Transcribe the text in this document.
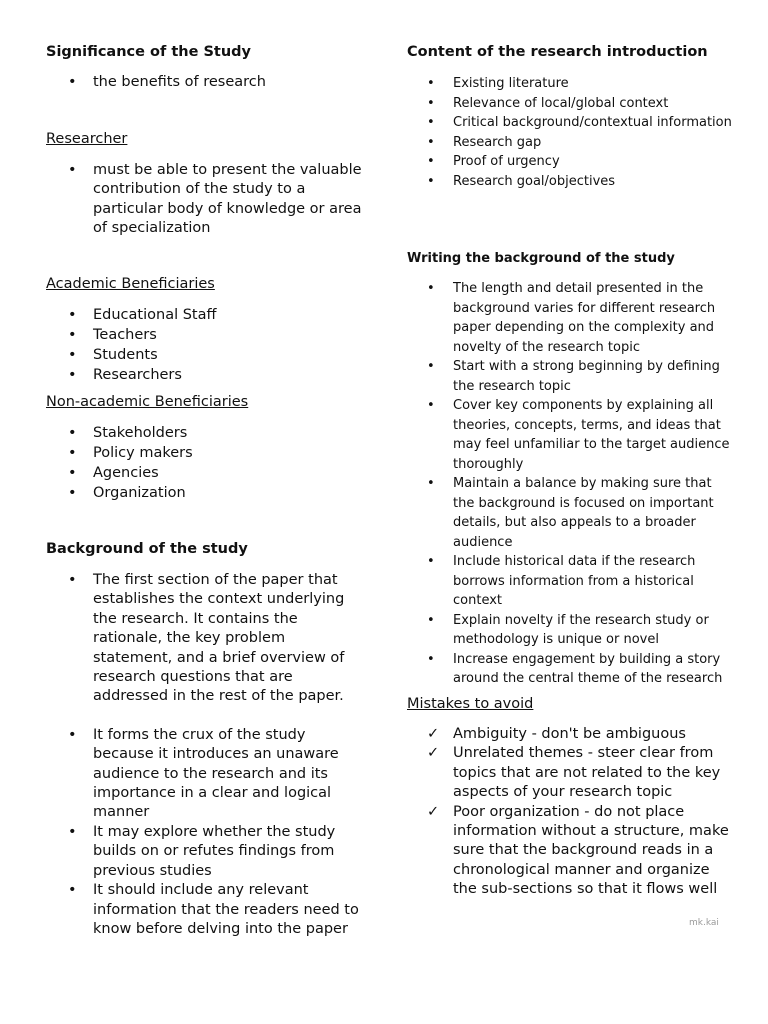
Significance of the Study
• the benefits of research
Researcher
• must be able to present the valuable contribution of the study to a particular body of knowledge or area of specialization
Academic Beneficiaries
• Educational Staff
• Teachers
• Students
• Researchers
Non-academic Beneficiaries
• Stakeholders
• Policy makers
• Agencies
• Organization
Background of the study
• The first section of the paper that establishes the context underlying the research. It contains the rationale, the key problem statement, and a brief overview of research questions that are addressed in the rest of the paper.
• It forms the crux of the study because it introduces an unaware audience to the research and its importance in a clear and logical manner
• It may explore whether the study builds on or refutes findings from previous studies
• It should include any relevant information that the readers need to know before delving into the paper
Content of the research introduction
• Existing literature
• Relevance of local/global context
• Critical background/contextual information
• Research gap
• Proof of urgency
• Research goal/objectives
Writing the background of the study
• The length and detail presented in the background varies for different research paper depending on the complexity and novelty of the research topic
• Start with a strong beginning by defining the research topic
• Cover key components by explaining all theories, concepts, terms, and ideas that may feel unfamiliar to the target audience thoroughly
• Maintain a balance by making sure that the background is focused on important details, but also appeals to a broader audience
• Include historical data if the research borrows information from a historical context
• Explain novelty if the research study or methodology is unique or novel
• Increase engagement by building a story around the central theme of the research
Mistakes to avoid
✓ Ambiguity - don't be ambiguous
✓ Unrelated themes - steer clear from topics that are not related to the key aspects of your research topic
✓ Poor organization - do not place information without a structure, make sure that the background reads in a chronological manner and organize the sub-sections so that it flows well
mk.kai
